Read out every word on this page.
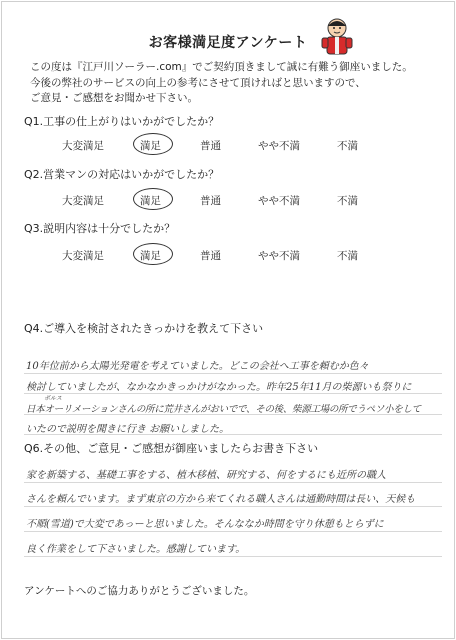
お客様満足度アンケート
この度は『江戸川ソーラー.com』でご契約頂きまして誠に有難う御座いました。
今後の弊社のサービスの向上の参考にさせて頂ければと思いますので、
ご意見・ご感想をお聞かせ下さい。
Q1.工事の仕上がりはいかがでしたか？
大変満足	満足	普通	やや不満	不満
Q2.営業マンの対応はいかがでしたか？
大変満足	満足	普通	やや不満	不満
Q3.説明内容は十分でしたか？
大変満足	満足	普通	やや不満	不満
Q4.ご導入を検討されたきっかけを教えて下さい
10年位前から太陽光発電を考えていました。どこの会社へ工事を頼むか色々
検討していましたが、なかなかきっかけがなかった。昨年25年11月の柴源いも祭りに
ボルス
日本オーリメーションさんの所に荒井さんがおいでで、その後、柴源工場の所でうペソ小をして
いたので説明を聞きに行き お願いしました。
Q6.その他、ご意見・ご感想が御座いましたらお書き下さい
家を新築する、基礎工事をする、植木移植、研究する、何をするにも近所の職人
さんを頼んでいます。まず東京の方から来てくれる職人さんは通勤時間は長い、天候も
不順(雪道)で大変であっーと思いました。そんななか時間を守り休憩もとらずに
良く作業をして下さいました。感謝しています。
アンケートへのご協力ありがとうございました。
